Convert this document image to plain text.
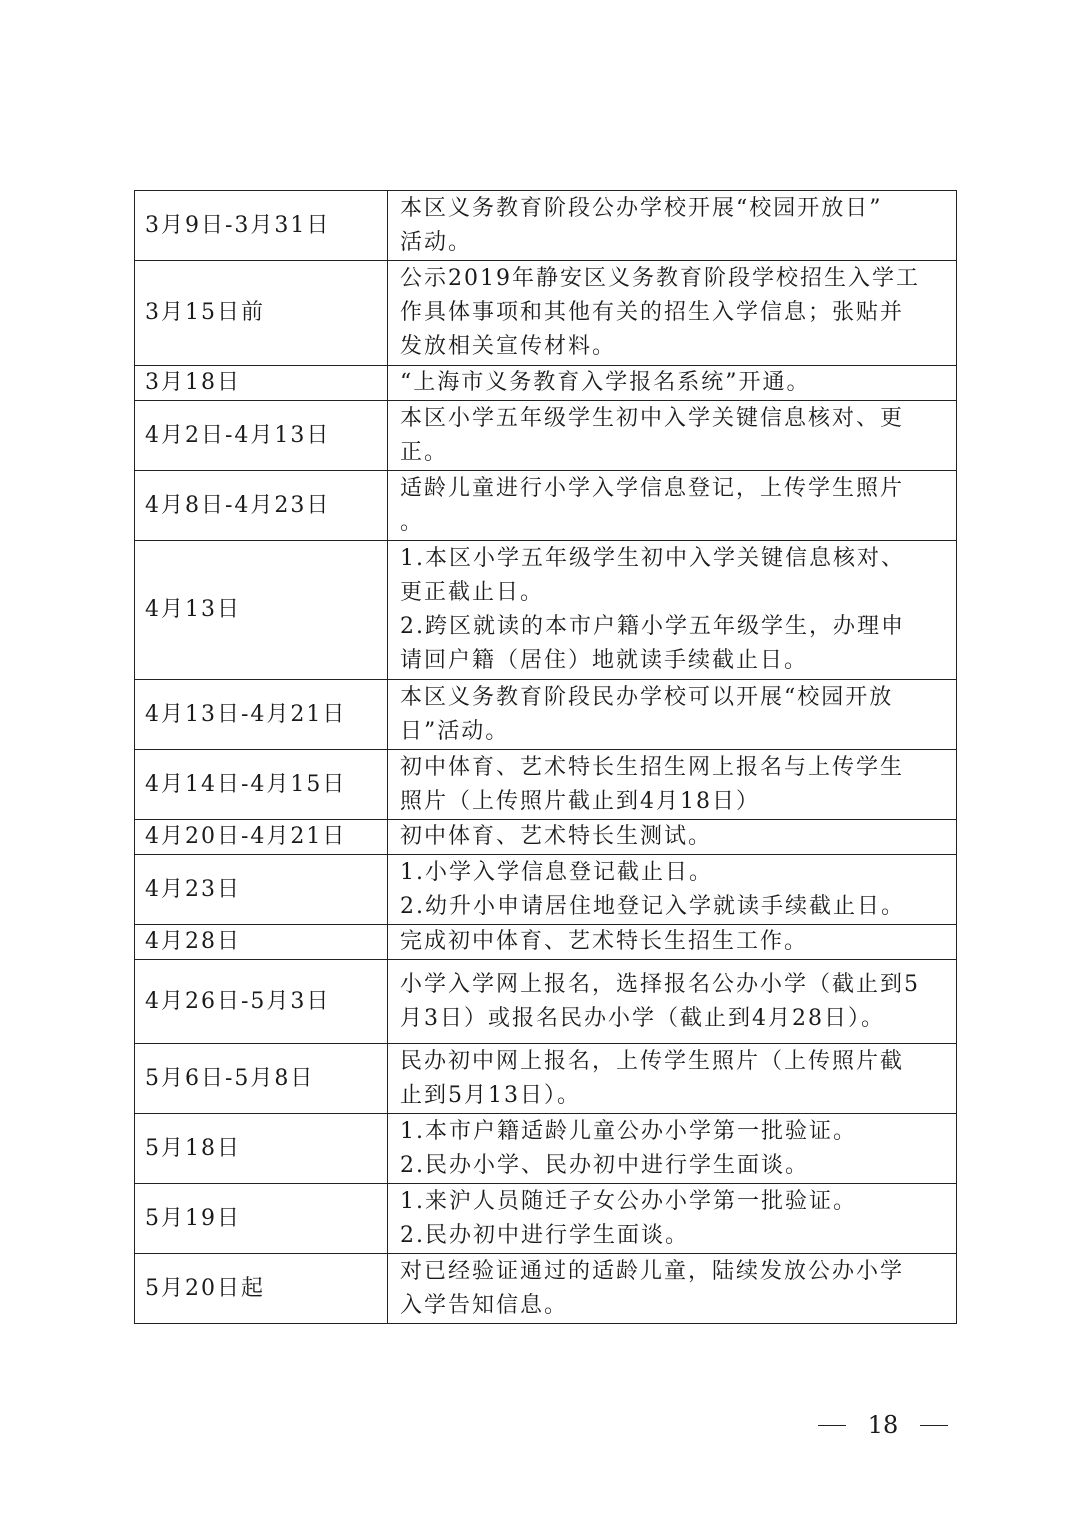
3月9日-3月31日	本区义务教育阶段公办学校开展“校园开放日”
活动。

3月15日前	公示2019年静安区义务教育阶段学校招生入学工
作具体事项和其他有关的招生入学信息；张贴并
发放相关宣传材料。

3月18日	“上海市义务教育入学报名系统”开通。

4月2日-4月13日	本区小学五年级学生初中入学关键信息核对、更
正。

4月8日-4月23日	适龄儿童进行小学入学信息登记，上传学生照片
。

4月13日	1.本区小学五年级学生初中入学关键信息核对、
更正截止日。
2.跨区就读的本市户籍小学五年级学生，办理申
请回户籍（居住）地就读手续截止日。

4月13日-4月21日	本区义务教育阶段民办学校可以开展“校园开放
日”活动。

4月14日-4月15日	初中体育、艺术特长生招生网上报名与上传学生
照片（上传照片截止到4月18日）

4月20日-4月21日	初中体育、艺术特长生测试。

4月23日	1.小学入学信息登记截止日。
2.幼升小申请居住地登记入学就读手续截止日。

4月28日	完成初中体育、艺术特长生招生工作。

4月26日-5月3日	小学入学网上报名，选择报名公办小学（截止到5
月3日）或报名民办小学（截止到4月28日）。

5月6日-5月8日	民办初中网上报名，上传学生照片（上传照片截
止到5月13日）。

5月18日	1.本市户籍适龄儿童公办小学第一批验证。
2.民办小学、民办初中进行学生面谈。

5月19日	1.来沪人员随迁子女公办小学第一批验证。
2.民办初中进行学生面谈。

5月20日起	对已经验证通过的适龄儿童，陆续发放公办小学
入学告知信息。
18
